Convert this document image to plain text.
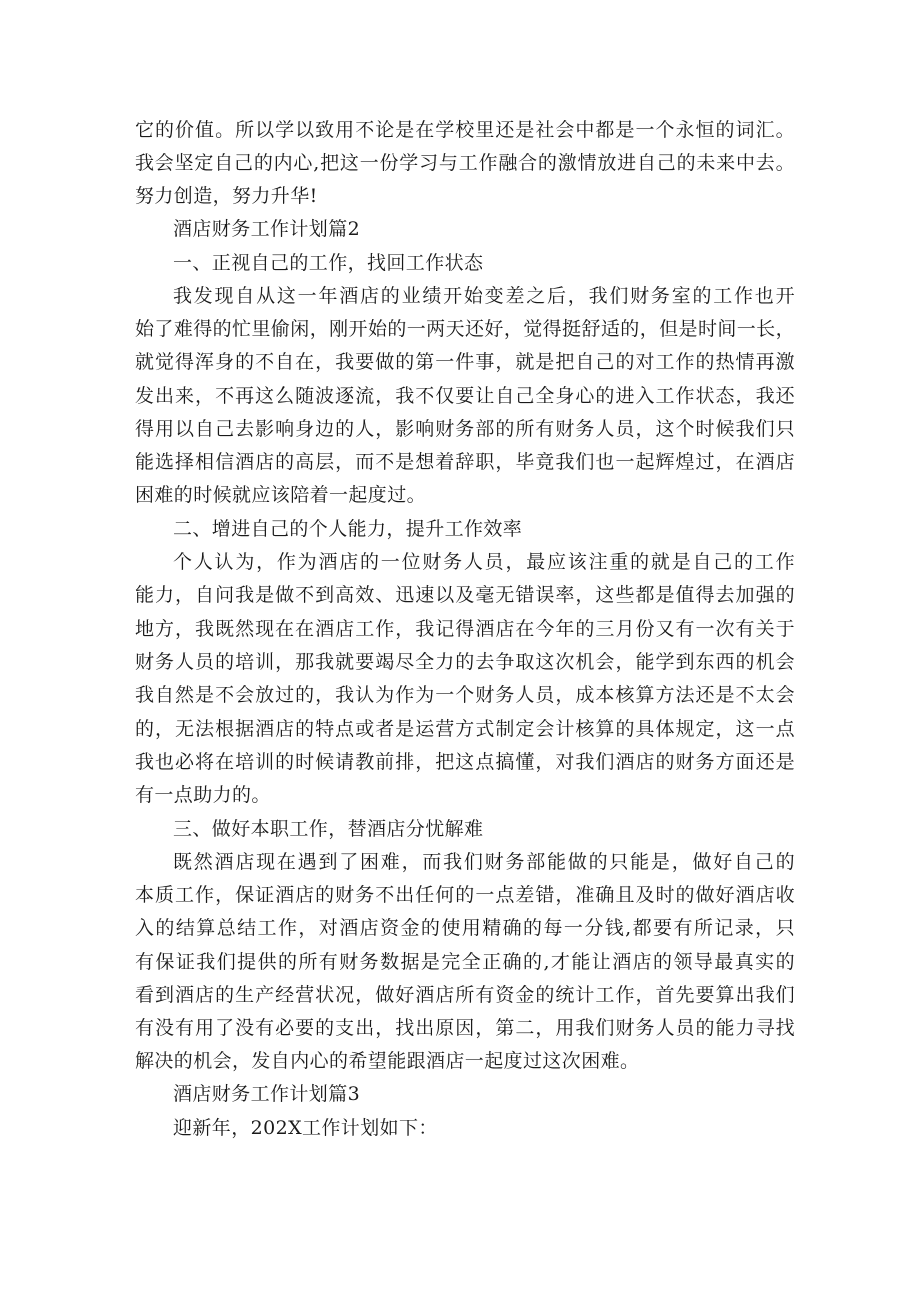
它的价值。所以学以致用不论是在学校里还是社会中都是一个永恒的词汇。
我会坚定自己的内心,把这一份学习与工作融合的激情放进自己的未来中去。
努力创造，努力升华!
酒店财务工作计划篇2
一、正视自己的工作，找回工作状态
我发现自从这一年酒店的业绩开始变差之后，我们财务室的工作也开
始了难得的忙里偷闲，刚开始的一两天还好，觉得挺舒适的，但是时间一长，
就觉得浑身的不自在，我要做的第一件事，就是把自己的对工作的热情再激
发出来，不再这么随波逐流，我不仅要让自己全身心的进入工作状态，我还
得用以自己去影响身边的人，影响财务部的所有财务人员，这个时候我们只
能选择相信酒店的高层，而不是想着辞职，毕竟我们也一起辉煌过，在酒店
困难的时候就应该陪着一起度过。
二、增进自己的个人能力，提升工作效率
个人认为，作为酒店的一位财务人员，最应该注重的就是自己的工作
能力，自问我是做不到高效、迅速以及毫无错误率，这些都是值得去加强的
地方，我既然现在在酒店工作，我记得酒店在今年的三月份又有一次有关于
财务人员的培训，那我就要竭尽全力的去争取这次机会，能学到东西的机会
我自然是不会放过的，我认为作为一个财务人员，成本核算方法还是不太会
的，无法根据酒店的特点或者是运营方式制定会计核算的具体规定，这一点
我也必将在培训的时候请教前排，把这点搞懂，对我们酒店的财务方面还是
有一点助力的。
三、做好本职工作，替酒店分忧解难
既然酒店现在遇到了困难，而我们财务部能做的只能是，做好自己的
本质工作，保证酒店的财务不出任何的一点差错，准确且及时的做好酒店收
入的结算总结工作，对酒店资金的使用精确的每一分钱,都要有所记录，只
有保证我们提供的所有财务数据是完全正确的,才能让酒店的领导最真实的
看到酒店的生产经营状况，做好酒店所有资金的统计工作，首先要算出我们
有没有用了没有必要的支出，找出原因，第二，用我们财务人员的能力寻找
解决的机会，发自内心的希望能跟酒店一起度过这次困难。
酒店财务工作计划篇3
迎新年，202X工作计划如下：
